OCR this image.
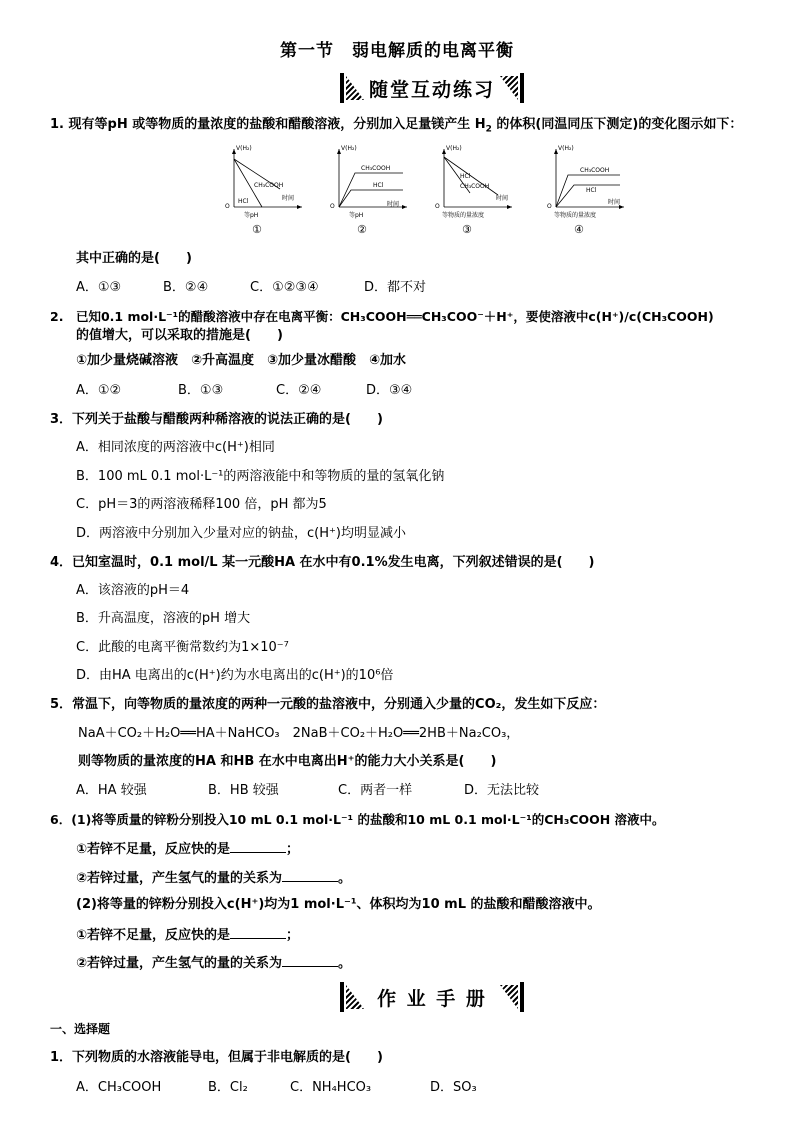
第一节　弱电解质的电离平衡
随堂互动练习
1. 现有等pH 或等物质的量浓度的盐酸和醋酸溶液，分别加入足量镁产生 $H_2$ 的体积(同温同压下测定)的变化图示如下：
V(H₂)
O
CH₃COOH
HCl	时间
等pH
①
V(H₂)
O
CH₃COOH
HCl
时间
等pH
②
V(H₂)
O
HCl
CH₃COOH
时间
等物质的量浓度
③
V(H₂)
O
CH₃COOH
HCl
时间
等物质的量浓度
④
其中正确的是(　　)
A．①③	B．②④	C．①②③④	D．都不对
2.　已知0.1 mol·L⁻¹的醋酸溶液中存在电离平衡：CH₃COOH══CH₃COO⁻＋H⁺，要使溶液中c(H⁺)/c(CH₃COOH)
的值增大，可以采取的措施是(　　)
①加少量烧碱溶液　②升高温度　③加少量冰醋酸　④加水
A．①②	B．①③	C．②④	D．③④
3．下列关于盐酸与醋酸两种稀溶液的说法正确的是(　　)
A．相同浓度的两溶液中c(H⁺)相同
B．100 mL 0.1 mol·L⁻¹的两溶液能中和等物质的量的氢氧化钠
C．pH＝3的两溶液稀释100 倍，pH 都为5
D．两溶液中分别加入少量对应的钠盐，c(H⁺)均明显减小
4．已知室温时，0.1 mol/L 某一元酸HA 在水中有0.1%发生电离，下列叙述错误的是(　　)
A．该溶液的pH＝4
B．升高温度，溶液的pH 增大
C．此酸的电离平衡常数约为1×10⁻⁷
D．由HA 电离出的c(H⁺)约为水电离出的c(H⁺)的10⁶倍
5．常温下，向等物质的量浓度的两种一元酸的盐溶液中，分别通入少量的CO₂，发生如下反应：
NaA＋CO₂＋H₂O══HA＋NaHCO₃　2NaB＋CO₂＋H₂O══2HB＋Na₂CO₃，
则等物质的量浓度的HA 和HB 在水中电离出H⁺的能力大小关系是(　　)
A．HA 较强	B．HB 较强	C．两者一样	D．无法比较
6．(1)将等质量的锌粉分别投入10 mL 0.1 mol·L⁻¹ 的盐酸和10 mL 0.1 mol·L⁻¹的CH₃COOH 溶液中。
①若锌不足量，反应快的是	；
②若锌过量，产生氢气的量的关系为	。
(2)将等量的锌粉分别投入c(H⁺)均为1 mol·L⁻¹、体积均为10 mL 的盐酸和醋酸溶液中。
①若锌不足量，反应快的是	；
②若锌过量，产生氢气的量的关系为	。
作 业 手 册
一、选择题
1．下列物质的水溶液能导电，但属于非电解质的是(　　)
A．CH₃COOH	B．Cl₂	C．NH₄HCO₃	D．SO₃
